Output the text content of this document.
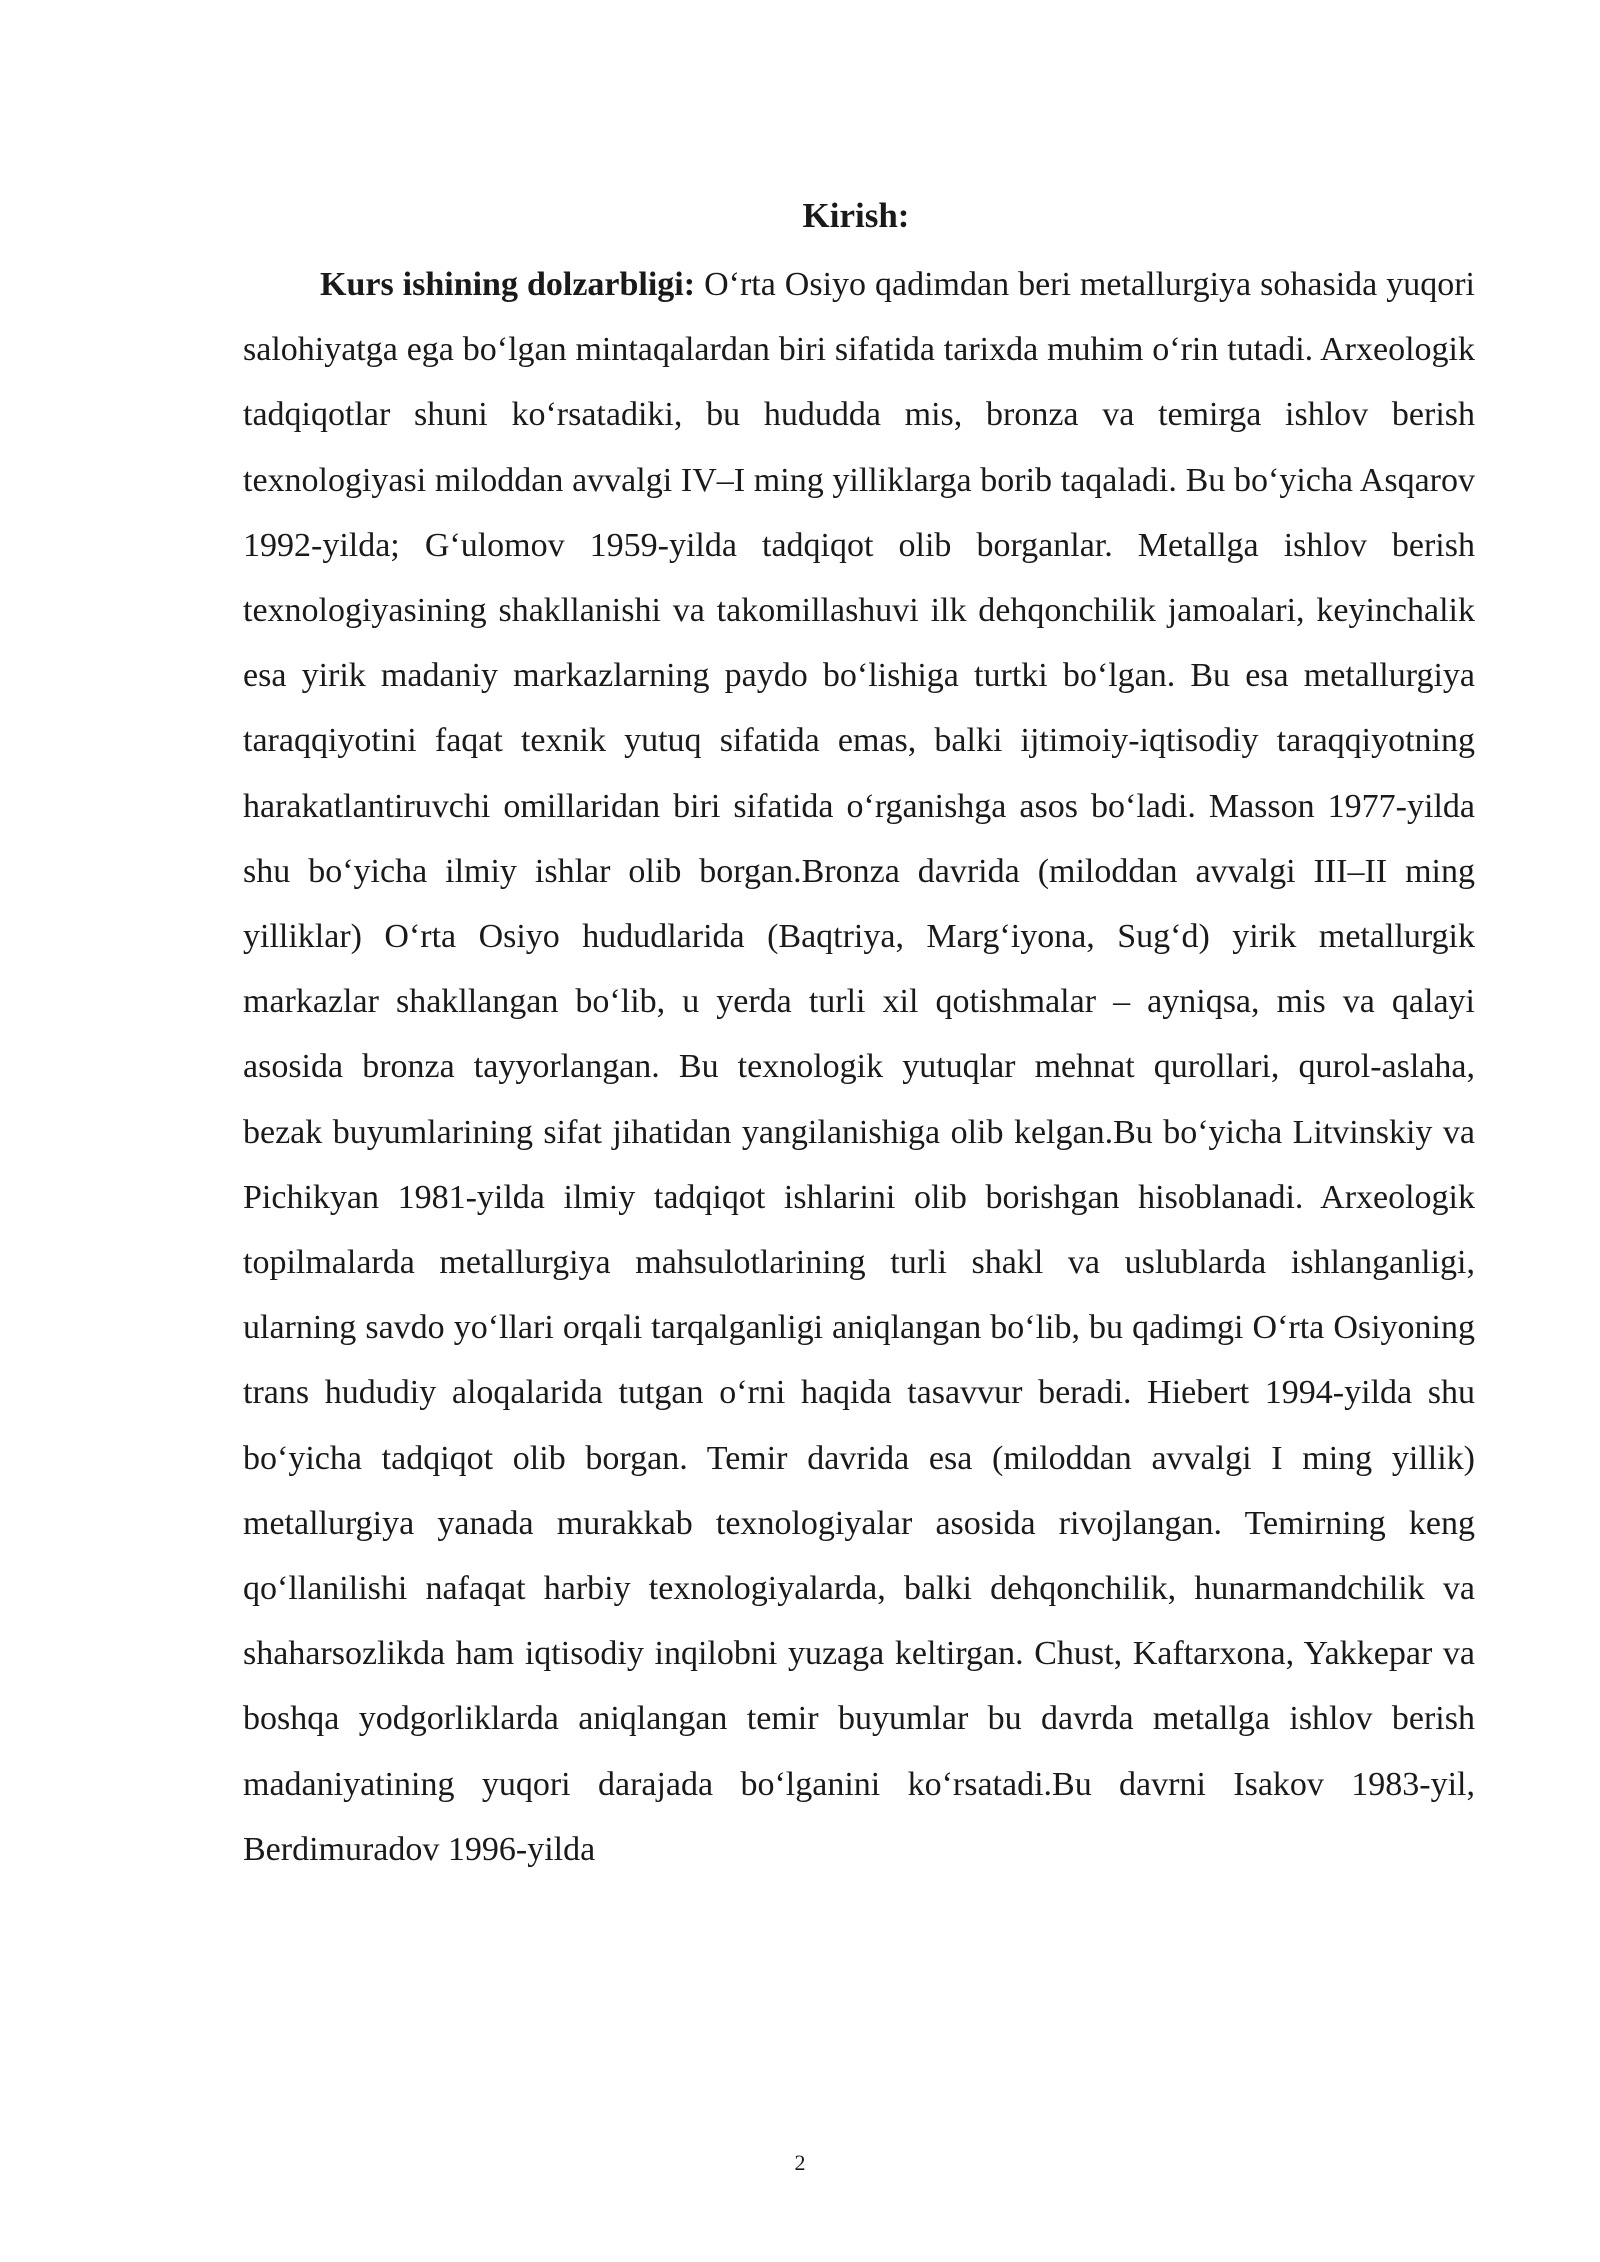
Kirish:

Kurs ishining dolzarbligi: O‘rta Osiyo qadimdan beri metallurgiya sohasida yuqori salohiyatga ega bo‘lgan mintaqalardan biri sifatida tarixda muhim o‘rin tutadi. Arxeologik tadqiqotlar shuni ko‘rsatadiki, bu hududda mis, bronza va temirga ishlov berish texnologiyasi miloddan avvalgi IV–I ming yilliklarga borib taqaladi. Bu bo‘yicha Asqarov 1992-yilda; G‘ulomov 1959-yilda tadqiqot olib borganlar. Metallga ishlov berish texnologiyasining shakllanishi va takomillashuvi ilk dehqonchilik jamoalari, keyinchalik esa yirik madaniy markazlarning paydo bo‘lishiga turtki bo‘lgan. Bu esa metallurgiya taraqqiyotini faqat texnik yutuq sifatida emas, balki ijtimoiy-iqtisodiy taraqqiyotning harakatlantiruvchi omillaridan biri sifatida o‘rganishga asos bo‘ladi. Masson 1977-yilda shu bo‘yicha ilmiy ishlar olib borgan.Bronza davrida (miloddan avvalgi III–II ming yilliklar) O‘rta Osiyo hududlarida (Baqtriya, Marg‘iyona, Sug‘d) yirik metallurgik markazlar shakllangan bo‘lib, u yerda turli xil qotishmalar – ayniqsa, mis va qalayi asosida bronza tayyorlangan. Bu texnologik yutuqlar mehnat qurollari, qurol-aslaha, bezak buyumlarining sifat jihatidan yangilanishiga olib kelgan.Bu bo‘yicha Litvinskiy va Pichikyan 1981-yilda ilmiy tadqiqot ishlarini olib borishgan hisoblanadi. Arxeologik topilmalarda metallurgiya mahsulotlarining turli shakl va uslublarda ishlanganligi, ularning savdo yo‘llari orqali tarqalganligi aniqlangan bo‘lib, bu qadimgi O‘rta Osiyoning trans hududiy aloqalarida tutgan o‘rni haqida tasavvur beradi. Hiebert 1994-yilda shu bo‘yicha tadqiqot olib borgan. Temir davrida esa (miloddan avvalgi I ming yillik) metallurgiya yanada murakkab texnologiyalar asosida rivojlangan. Temirning keng qo‘llanilishi nafaqat harbiy texnologiyalarda, balki dehqonchilik, hunarmandchilik va shaharsozlikda ham iqtisodiy inqilobni yuzaga keltirgan. Chust, Kaftarxona, Yakkepar va boshqa yodgorliklarda aniqlangan temir buyumlar bu davrda metallga ishlov berish madaniyatining yuqori darajada bo‘lganini ko‘rsatadi.Bu davrni Isakov 1983-yil, Berdimuradov 1996-yilda

2
